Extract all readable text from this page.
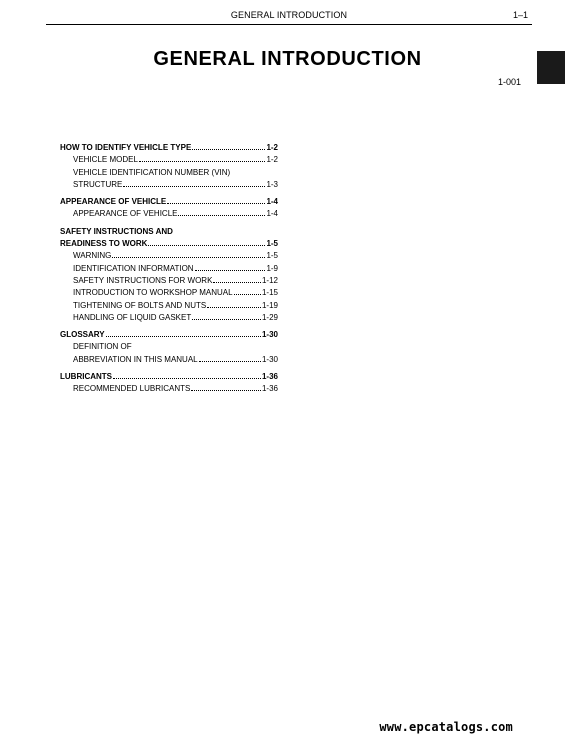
GENERAL INTRODUCTION	1–1
GENERAL INTRODUCTION
1-001
HOW TO IDENTIFY VEHICLE TYPE	1-2
VEHICLE MODEL	1-2
VEHICLE IDENTIFICATION NUMBER (VIN)
STRUCTURE	1-3
APPEARANCE OF VEHICLE	1-4
APPEARANCE OF VEHICLE	1-4
SAFETY INSTRUCTIONS AND
READINESS TO WORK	1-5
WARNING	1-5
IDENTIFICATION INFORMATION	1-9
SAFETY INSTRUCTIONS FOR WORK	1-12
INTRODUCTION TO WORKSHOP MANUAL	1-15
TIGHTENING OF BOLTS AND NUTS	1-19
HANDLING OF LIQUID GASKET	1-29
GLOSSARY	1-30
DEFINITION OF
ABBREVIATION IN THIS MANUAL	1-30
LUBRICANTS	1-36
RECOMMENDED LUBRICANTS	1-36
www.epcatalogs.com
